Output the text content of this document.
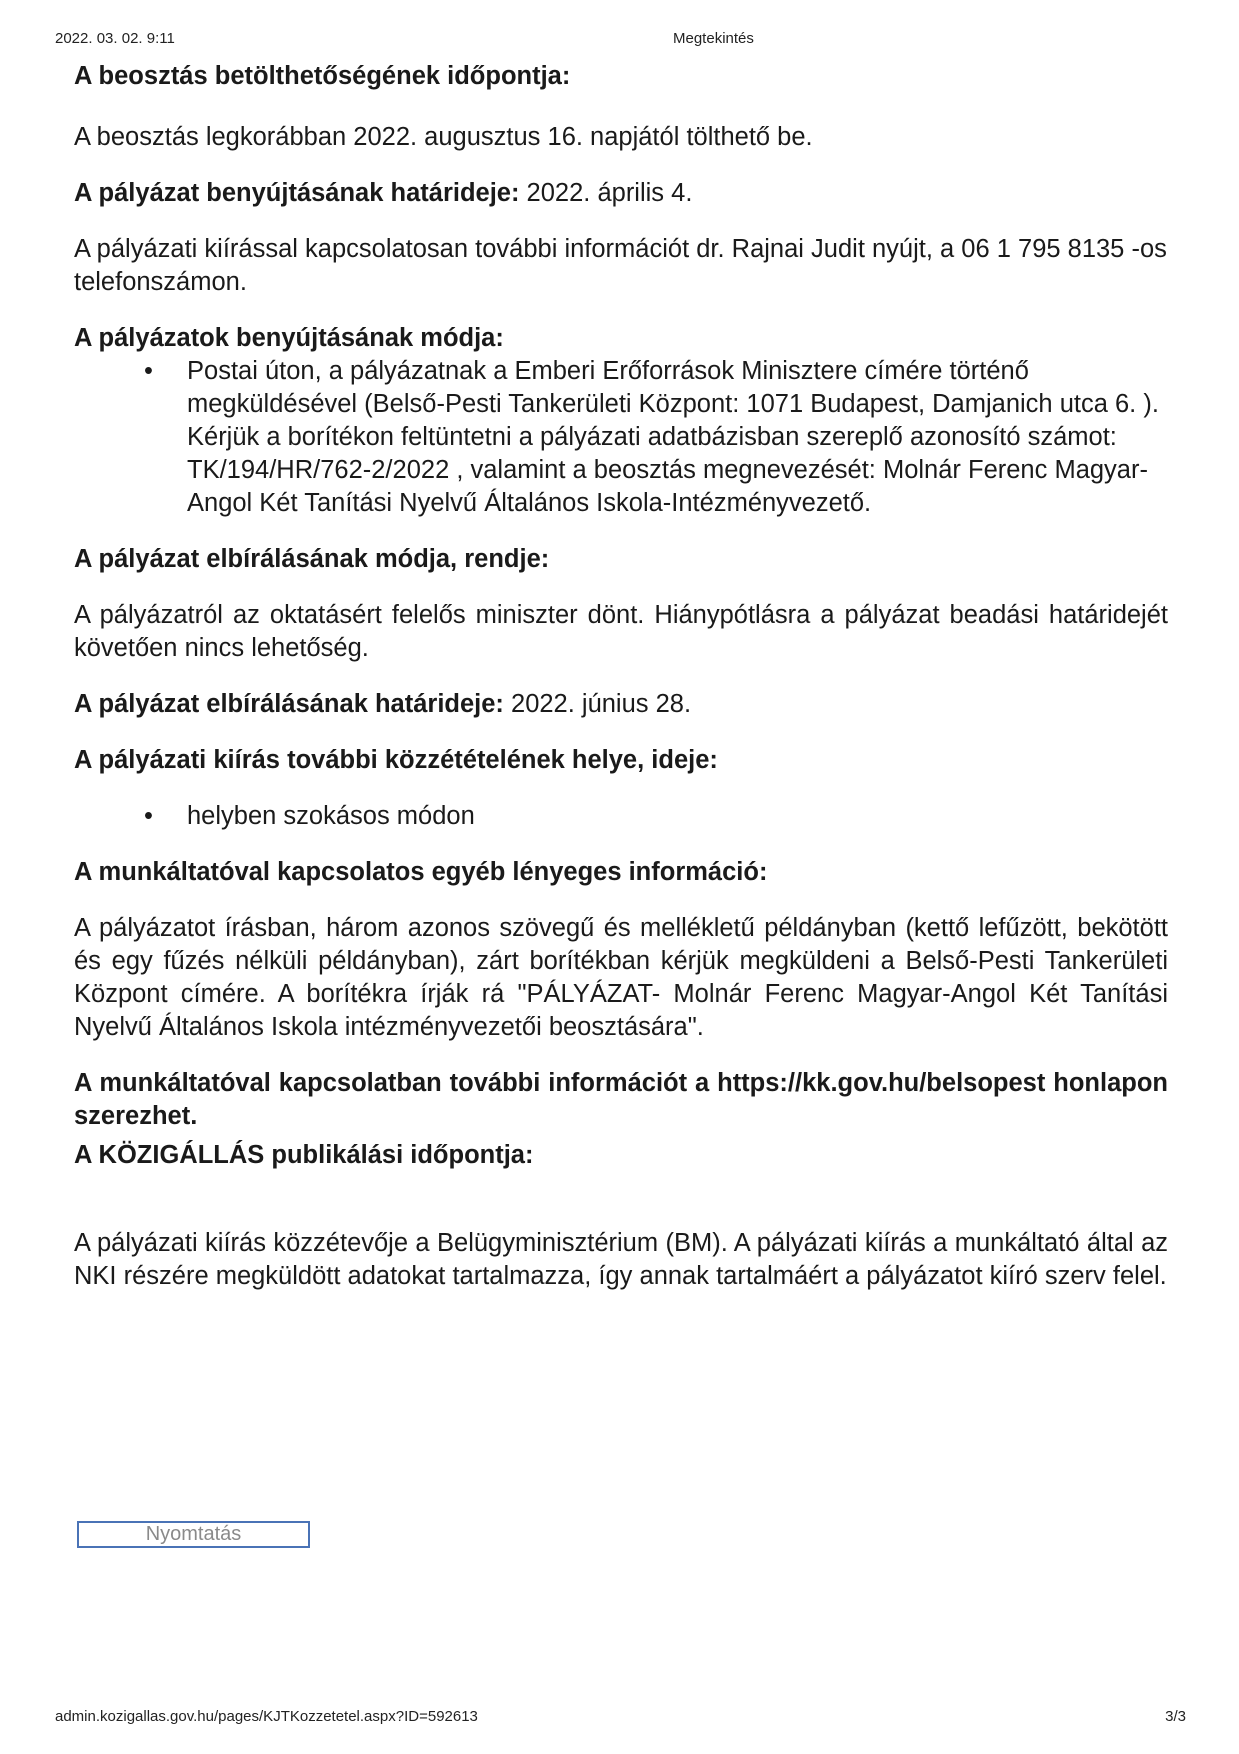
2022. 03. 02. 9:11	Megtekintés

A beosztás betölthetőségének időpontja:

A beosztás legkorábban 2022. augusztus 16. napjától tölthető be.

A pályázat benyújtásának határideje: 2022. április 4.

A pályázati kiírással kapcsolatosan további információt dr. Rajnai Judit nyújt, a 06 1 795 8135 -os telefonszámon.

A pályázatok benyújtásának módja:

• Postai úton, a pályázatnak a Emberi Erőforrások Minisztere címére történő megküldésével (Belső-Pesti Tankerületi Központ: 1071 Budapest, Damjanich utca 6. ). Kérjük a borítékon feltüntetni a pályázati adatbázisban szereplő azonosító számot: TK/194/HR/762-2/2022 , valamint a beosztás megnevezését: Molnár Ferenc Magyar-Angol Két Tanítási Nyelvű Általános Iskola-Intézményvezető.

A pályázat elbírálásának módja, rendje:

A pályázatról az oktatásért felelős miniszter dönt. Hiánypótlásra a pályázat beadási határidejét követően nincs lehetőség.

A pályázat elbírálásának határideje: 2022. június 28.

A pályázati kiírás további közzétételének helye, ideje:

• helyben szokásos módon

A munkáltatóval kapcsolatos egyéb lényeges információ:

A pályázatot írásban, három azonos szövegű és mellékletű példányban (kettő lefűzött, bekötött és egy fűzés nélküli példányban), zárt borítékban kérjük megküldeni a Belső-Pesti Tankerületi Központ címére. A borítékra írják rá "PÁLYÁZAT- Molnár Ferenc Magyar-Angol Két Tanítási Nyelvű Általános Iskola intézményvezetői beosztására".

A munkáltatóval kapcsolatban további információt a https://kk.gov.hu/belsopest honlapon szerezhet.

A KÖZIGÁLLÁS publikálási időpontja:

A pályázati kiírás közzétevője a Belügyminisztérium (BM). A pályázati kiírás a munkáltató által az NKI részére megküldött adatokat tartalmazza, így annak tartalmáért a pályázatot kiíró szerv felel.

Nyomtatás
admin.kozigallas.gov.hu/pages/KJTKozzetetel.aspx?ID=592613	3/3
